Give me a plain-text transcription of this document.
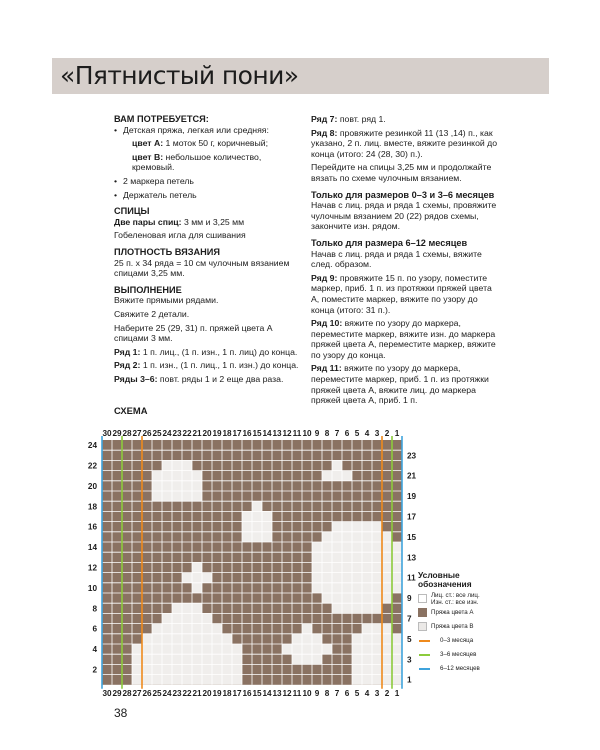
«Пятнистый пони»
ВАМ ПОТРЕБУЕТСЯ:
• Детская пряжа, легкая или средняя:
цвет А: 1 моток 50 г, коричневый;
цвет В: небольшое количество, кремовый.
• 2 маркера петель
• Держатель петель
СПИЦЫ
Две пары спиц: 3 мм и 3,25 мм
Гобеленовая игла для сшивания
ПЛОТНОСТЬ ВЯЗАНИЯ
25 п. х 34 ряда = 10 см чулочным вязанием спицами 3,25 мм.
ВЫПОЛНЕНИЕ
Вяжите прямыми рядами.
Свяжите 2 детали.
Наберите 25 (29, 31) п. пряжей цвета А спицами 3 мм.
Ряд 1: 1 п. лиц., (1 п. изн., 1 п. лиц) до конца.
Ряд 2: 1 п. изн., (1 п. лиц., 1 п. изн.) до конца.
Ряды 3–6: повт. ряды 1 и 2 еще два раза.
Ряд 7: повт. ряд 1.
Ряд 8: провяжите резинкой 11 (13 ,14) п., как указано, 2 п. лиц. вместе, вяжите резинкой до конца (итого: 24 (28, 30) п.).
Перейдите на спицы 3,25 мм и продолжайте вязать по схеме чулочным вязанием.
Только для размеров 0–3 и 3–6 месяцев
Начав с лиц. ряда и ряда 1 схемы, провяжите чулочным вязанием 20 (22) рядов схемы, закончите изн. рядом.
Только для размера 6–12 месяцев
Начав с лиц. ряда и ряда 1 схемы, вяжите след. образом.
Ряд 9: провяжите 15 п. по узору, поместите маркер, приб. 1 п. из протяжки пряжей цвета А, поместите маркер, вяжите по узору до конца (итого: 31 п.).
Ряд 10: вяжите по узору до маркера, переместите маркер, вяжите изн. до маркера пряжей цвета А, переместите маркер, вяжите по узору до конца.
Ряд 11: вяжите по узору до маркера, переместите маркер, приб. 1 п. из протяжки пряжей цвета А, вяжите лиц. до маркера пряжей цвета А, приб. 1 п.
СХЕМА
30 29 28 27 26 25 24 23 22 21 20 19 18 17 16 15 14 13 12 11 10 9 8 7 6 5 4 3 2 1
30 29 28 27 26 25 24 23 22 21 20 19 18 17 16 15 14 13 12 11 10 9 8 7 6 5 4 3 2 1
2
4
6
8
10
12
14
16
18
20
22
24
1
3
5
7
9
11
13
15
17
19
21
23
Условные обозначения
Лиц. ст.: все лиц.
Изн. ст.: все изн.
Пряжа цвета А
Пряжа цвета В
0–3 месяца
3–6 месяцев
6–12 месяцев
38
